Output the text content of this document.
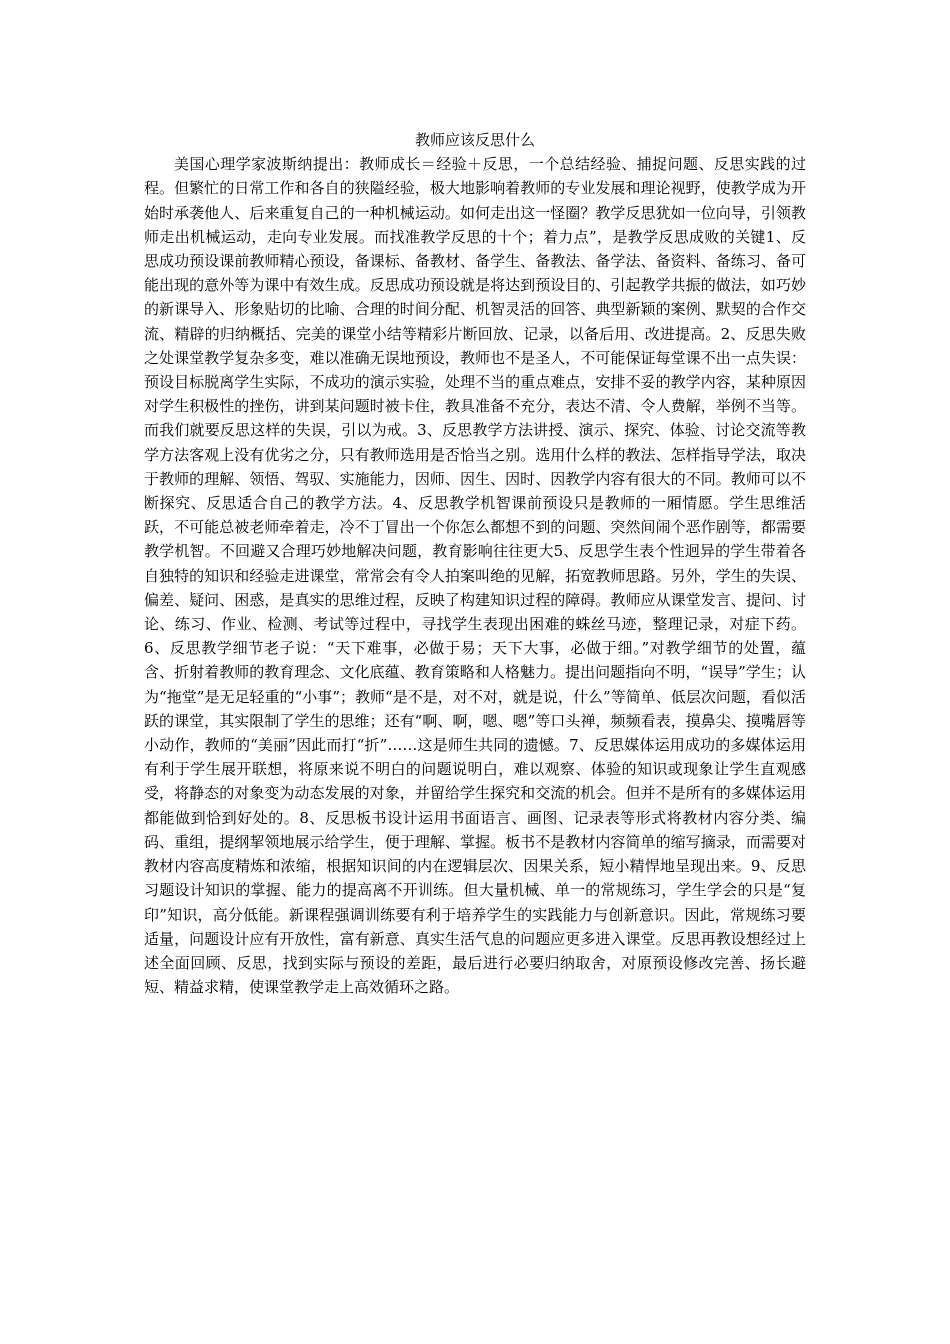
教师应该反思什么

美国心理学家波斯纳提出：教师成长＝经验＋反思，一个总结经验、捕捉问题、反思实践的过程。但繁忙的日常工作和各自的狭隘经验，极大地影响着教师的专业发展和理论视野，使教学成为开始时承袭他人、后来重复自己的一种机械运动。如何走出这一怪圈？教学反思犹如一位向导，引领教师走出机械运动，走向专业发展。而找准教学反思的十个；着力点”，是教学反思成败的关键1、反思成功预设课前教师精心预设，备课标、备教材、备学生、备教法、备学法、备资料、备练习、备可能出现的意外等为课中有效生成。反思成功预设就是将达到预设目的、引起教学共振的做法，如巧妙的新课导入、形象贴切的比喻、合理的时间分配、机智灵活的回答、典型新颖的案例、默契的合作交流、精辟的归纳概括、完美的课堂小结等精彩片断回放、记录，以备后用、改进提高。2、反思失败之处课堂教学复杂多变，难以准确无误地预设，教师也不是圣人，不可能保证每堂课不出一点失误：预设目标脱离学生实际，不成功的演示实验，处理不当的重点难点，安排不妥的教学内容，某种原因对学生积极性的挫伤，讲到某问题时被卡住，教具准备不充分，表达不清、令人费解，举例不当等。而我们就要反思这样的失误，引以为戒。3、反思教学方法讲授、演示、探究、体验、讨论交流等教学方法客观上没有优劣之分，只有教师选用是否恰当之别。选用什么样的教法、怎样指导学法，取决于教师的理解、领悟、驾驭、实施能力，因师、因生、因时、因教学内容有很大的不同。教师可以不断探究、反思适合自己的教学方法。4、反思教学机智课前预设只是教师的一厢情愿。学生思维活跃，不可能总被老师牵着走，冷不丁冒出一个你怎么都想不到的问题、突然间闹个恶作剧等，都需要教学机智。不回避又合理巧妙地解决问题，教育影响往往更大5、反思学生表个性迥异的学生带着各自独特的知识和经验走进课堂，常常会有令人拍案叫绝的见解，拓宽教师思路。另外，学生的失误、偏差、疑问、困惑，是真实的思维过程，反映了构建知识过程的障碍。教师应从课堂发言、提问、讨论、练习、作业、检测、考试等过程中，寻找学生表现出困难的蛛丝马迹，整理记录，对症下药。6、反思教学细节老子说：“天下难事，必做于易；天下大事，必做于细。”对教学细节的处置，蕴含、折射着教师的教育理念、文化底蕴、教育策略和人格魅力。提出问题指向不明，“误导”学生；认为“拖堂”是无足轻重的“小事”；教师“是不是，对不对，就是说，什么”等简单、低层次问题，看似活跃的课堂，其实限制了学生的思维；还有“啊、啊，嗯、嗯”等口头禅，频频看表，摸鼻尖、摸嘴唇等小动作，教师的“美丽”因此而打“折”……这是师生共同的遗憾。7、反思媒体运用成功的多媒体运用有利于学生展开联想，将原来说不明白的问题说明白，难以观察、体验的知识或现象让学生直观感受，将静态的对象变为动态发展的对象，并留给学生探究和交流的机会。但并不是所有的多媒体运用都能做到恰到好处的。8、反思板书设计运用书面语言、画图、记录表等形式将教材内容分类、编码、重组，提纲挈领地展示给学生，便于理解、掌握。板书不是教材内容简单的缩写摘录，而需要对教材内容高度精炼和浓缩，根据知识间的内在逻辑层次、因果关系，短小精悍地呈现出来。9、反思习题设计知识的掌握、能力的提高离不开训练。但大量机械、单一的常规练习，学生学会的只是“复印”知识，高分低能。新课程强调训练要有利于培养学生的实践能力与创新意识。因此，常规练习要适量，问题设计应有开放性，富有新意、真实生活气息的问题应更多进入课堂。反思再教设想经过上述全面回顾、反思，找到实际与预设的差距，最后进行必要归纳取舍，对原预设修改完善、扬长避短、精益求精，使课堂教学走上高效循环之路。
